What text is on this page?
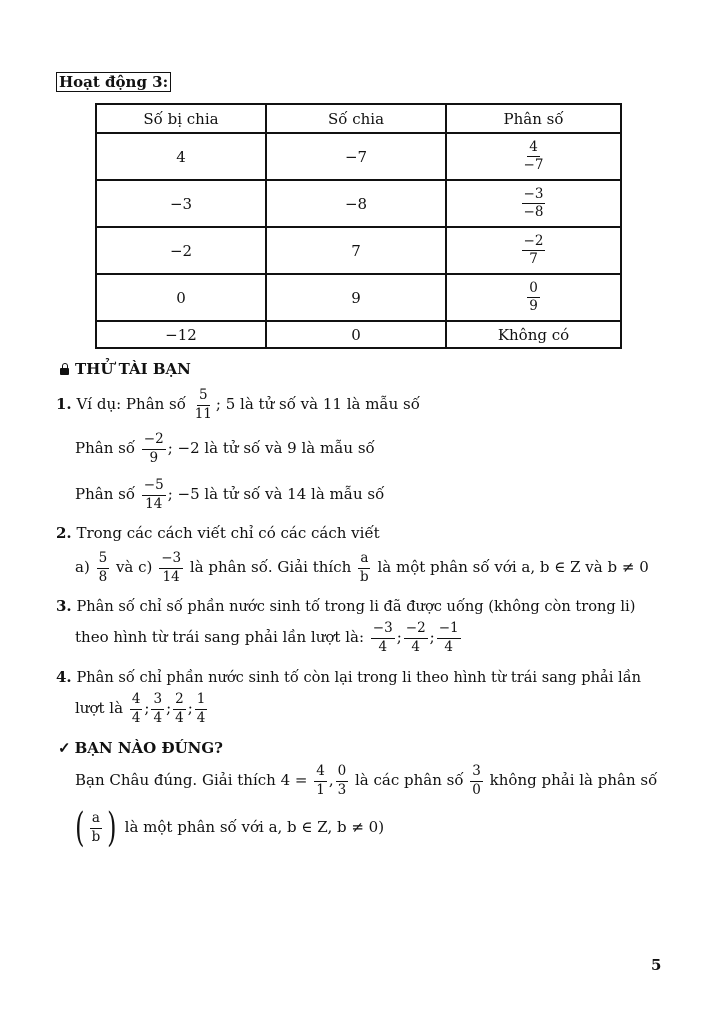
Hoạt động 3:
Số bị chia	Số chia	Phân số
4	−7	$\frac{4}{-7}$

−3	−8	$\frac{-3}{-8}$

−2	7	$\frac{-2}{7}$

0	9	$\frac{0}{9}$

−12	0	Không có
THỬ TÀI BẠN
1. Ví dụ: Phân số $\frac{5}{11}$ ; 5 là tử số và 11 là mẫu số
Phân số $\frac{-2}{9}$ ; −2 là tử số và 9 là mẫu số
Phân số $\frac{-5}{14}$ ; −5 là tử số và 14 là mẫu số
2. Trong các cách viết chỉ có các cách viết
$a) \frac{5}{8}$ và $c) \frac{-3}{14}$ là phân số. Giải thích $\frac{a}{b}$ là một phân số với a, b ∈ Z và b ≠ 0
3. Phân số chỉ số phần nước sinh tố trong li đã được uống (không còn trong li)
theo hình từ trái sang phải lần lượt là: $\frac{-3}{4}$ ; $\frac{-2}{4}$ ; $\frac{-1}{4}$
4. Phân số chỉ phần nước sinh tố còn lại trong li theo hình từ trái sang phải lần
lượt là $\frac{4}{4}$ ; $\frac{3}{4}$ ; $\frac{2}{4}$ ; $\frac{1}{4}$
✓ BẠN NÀO ĐÚNG?
Bạn Châu đúng. Giải thích $4 = \frac{4}{1}$ , $\frac{0}{3}$ là các phân số $\frac{3}{0}$ không phải là phân số
( $\frac{a}{b}$ ) là một phân số với a, b ∈ Z, b ≠ 0)
5
